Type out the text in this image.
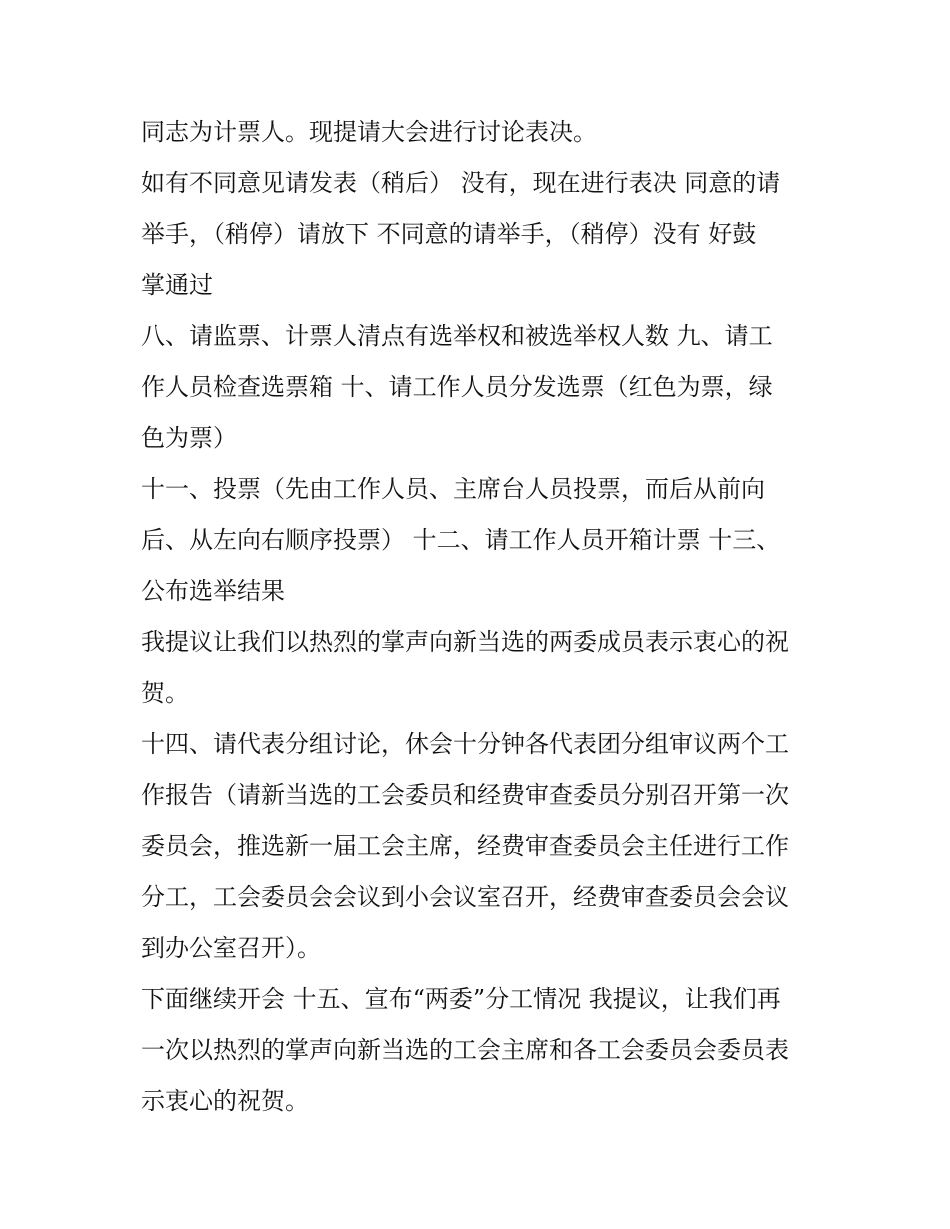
同志为计票人。现提请大会进行讨论表决。
如有不同意见请发表（稍后） 没有，现在进行表决 同意的请
举手，（稍停）请放下 不同意的请举手，（稍停）没有 好鼓
掌通过
八、请监票、计票人清点有选举权和被选举权人数 九、请工
作人员检查选票箱 十、请工作人员分发选票（红色为票，绿
色为票）
十一、投票（先由工作人员、主席台人员投票，而后从前向
后、从左向右顺序投票） 十二、请工作人员开箱计票 十三、
公布选举结果
我提议让我们以热烈的掌声向新当选的两委成员表示衷心的祝
贺。
十四、请代表分组讨论，休会十分钟各代表团分组审议两个工
作报告（请新当选的工会委员和经费审查委员分别召开第一次
委员会，推选新一届工会主席，经费审查委员会主任进行工作
分工，工会委员会会议到小会议室召开，经费审查委员会会议
到办公室召开）。
下面继续开会 十五、宣布“两委”分工情况 我提议，让我们再
一次以热烈的掌声向新当选的工会主席和各工会委员会委员表
示衷心的祝贺。
